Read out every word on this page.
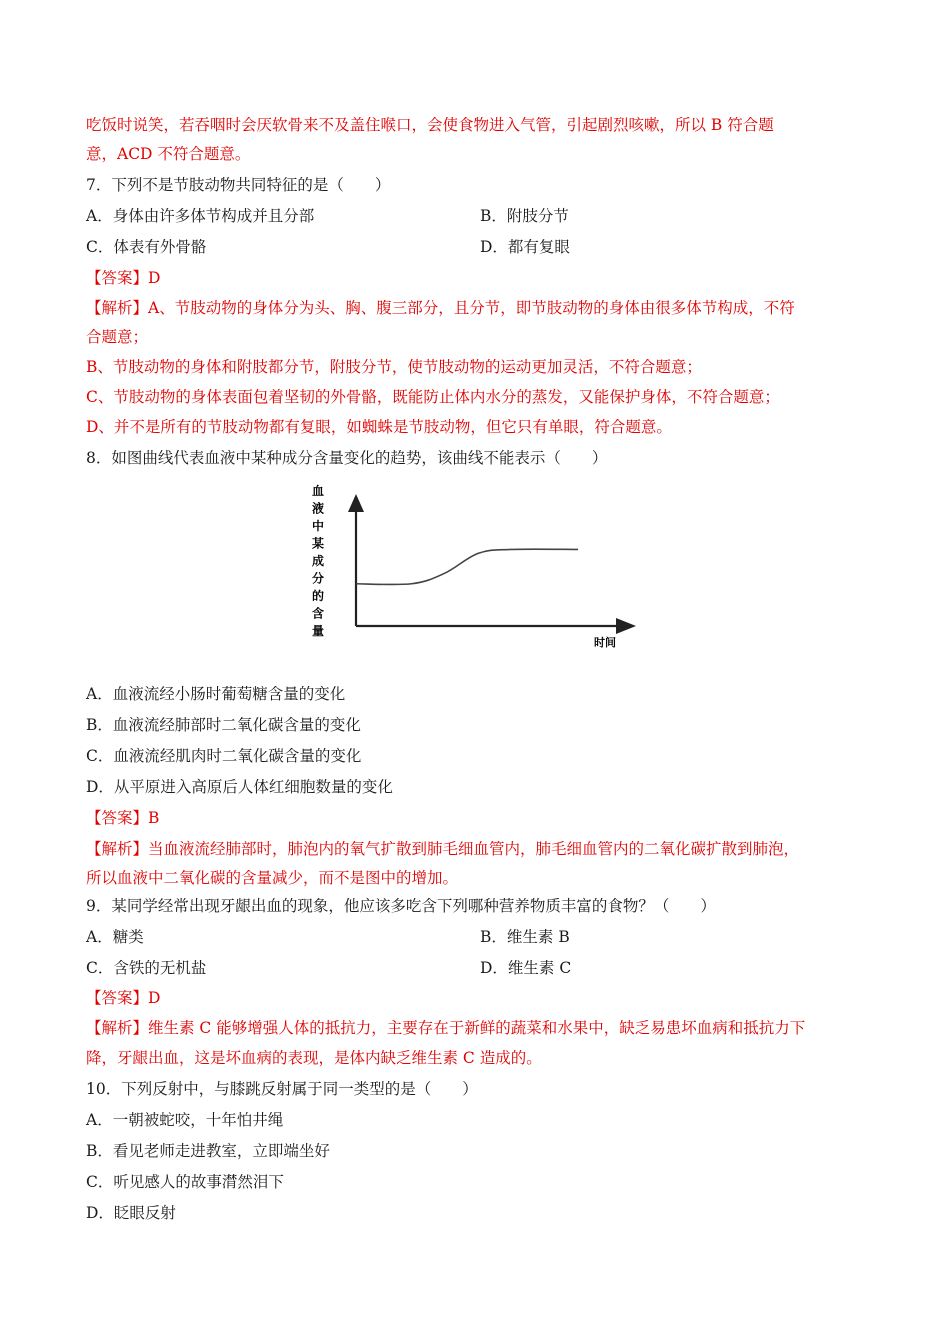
吃饭时说笑，若吞咽时会厌软骨来不及盖住喉口，会使食物进入气管，引起剧烈咳嗽，所以 B 符合题
意，ACD 不符合题意。
7．下列不是节肢动物共同特征的是（　　）
A．身体由许多体节构成并且分部	B．附肢分节
C．体表有外骨骼	D．都有复眼
【答案】D
【解析】A、节肢动物的身体分为头、胸、腹三部分，且分节，即节肢动物的身体由很多体节构成，不符
合题意；
B、节肢动物的身体和附肢都分节，附肢分节，使节肢动物的运动更加灵活，不符合题意；
C、节肢动物的身体表面包着坚韧的外骨骼，既能防止体内水分的蒸发，又能保护身体，不符合题意；
D、并不是所有的节肢动物都有复眼，如蜘蛛是节肢动物，但它只有单眼，符合题意。
8．如图曲线代表血液中某种成分含量变化的趋势，该曲线不能表示（　　）
血
液
中
某
成
分
的
含
量
时间
A．血液流经小肠时葡萄糖含量的变化
B．血液流经肺部时二氧化碳含量的变化
C．血液流经肌肉时二氧化碳含量的变化
D．从平原进入高原后人体红细胞数量的变化
【答案】B
【解析】当血液流经肺部时，肺泡内的氧气扩散到肺毛细血管内，肺毛细血管内的二氧化碳扩散到肺泡，
所以血液中二氧化碳的含量减少，而不是图中的增加。
9．某同学经常出现牙龈出血的现象，他应该多吃含下列哪种营养物质丰富的食物？（　　）
A．糖类	B．维生素 B
C．含铁的无机盐	D．维生素 C
【答案】D
【解析】维生素 C 能够增强人体的抵抗力，主要存在于新鲜的蔬菜和水果中，缺乏易患坏血病和抵抗力下
降，牙龈出血，这是坏血病的表现，是体内缺乏维生素 C 造成的。
10．下列反射中，与膝跳反射属于同一类型的是（　　）
A．一朝被蛇咬，十年怕井绳
B．看见老师走进教室，立即端坐好
C．听见感人的故事潸然泪下
D．眨眼反射
